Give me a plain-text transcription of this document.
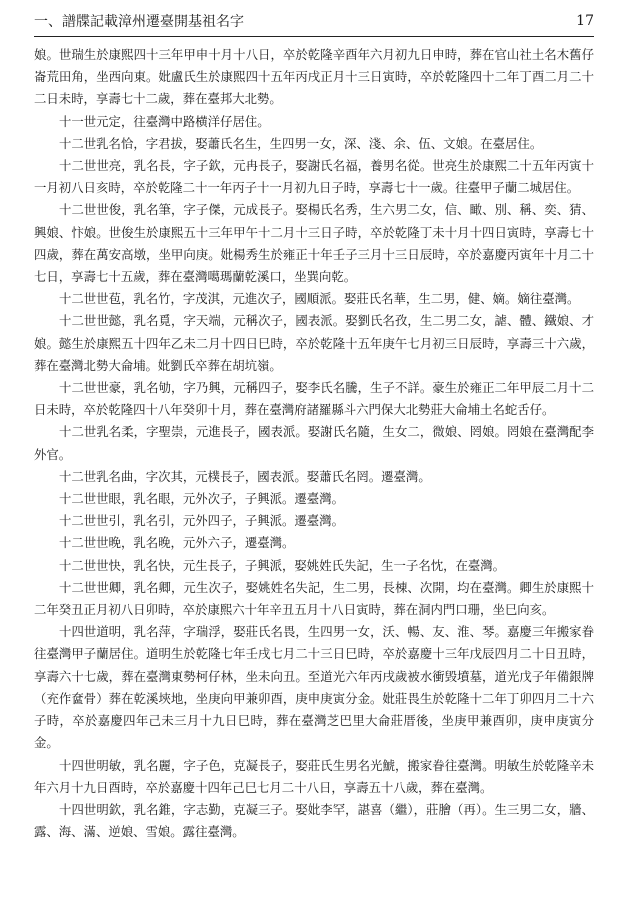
一、譜牒記載漳州遷臺開基祖名字	17

娘。世瑞生於康熙四十三年甲申十月十八日，卒於乾隆辛酉年六月初九日申時，葬在官山社土名木舊仔崙荒田角，坐西向東。妣盧氏生於康熙四十五年丙戌正月十三日寅時，卒於乾隆四十二年丁酉二月二十二日未時，享壽七十二歲，葬在臺邦大北勢。

十一世元定，往臺灣中路横洋仔居住。

十二世乳名恰，字君拔，娶蕭氏名生，生四男一女，深、淺、余、伍、文娘。在臺居住。

十二世世亮，乳名長，字子欽，元冉長子，娶謝氏名福，養男名從。世亮生於康熙二十五年丙寅十一月初八日亥時，卒於乾隆二十一年丙子十一月初九日子時，享壽七十一歲。往臺甲子蘭二城居住。

十二世世俊，乳名筆，字子傑，元成長子。娶楊氏名秀，生六男二女，信、瞰、別、稱、奕、猜、興娘、忭娘。世俊生於康熙五十三年甲午十二月十三日子時，卒於乾隆丁未十月十四日寅時，享壽七十四歲，葬在萬安高墩，坐甲向庚。妣楊秀生於雍正十年壬子三月十三日辰時，卒於嘉慶丙寅年十月二十七日，享壽七十五歲，葬在臺灣噶瑪蘭乾溪口，坐巽向乾。

十二世世苞，乳名竹，字茂淇，元進次子，國順派。娶莊氏名華，生二男，健、嫡。嫡往臺灣。

十二世世懿，乳名覓，字天端，元稱次子，國表派。娶劉氏名孜，生二男二女，謔、體、鐵娘、才娘。懿生於康熙五十四年乙未二月十四日巳時，卒於乾隆十五年庚午七月初三日辰時，享壽三十六歲，葬在臺灣北勢大侖埔。妣劉氏卒葬在胡坑嶺。

十二世世豪，乳名劬，字乃興，元稱四子，娶李氏名騰，生子不詳。豪生於雍正二年甲辰二月十二日未時，卒於乾隆四十八年癸卯十月，葬在臺灣府諸羅縣斗六門保大北勢莊大侖埔土名蛇舌仔。

十二世乳名柔，字聖崇，元進長子，國表派。娶謝氏名隨，生女二，微娘、罔娘。罔娘在臺灣配李外官。

十二世乳名曲，字次其，元樸長子，國表派。娶蕭氏名罔。遷臺灣。

十二世世眼，乳名眼，元外次子，子興派。遷臺灣。

十二世世引，乳名引，元外四子，子興派。遷臺灣。

十二世世晚，乳名晚，元外六子，遷臺灣。

十二世世快，乳名快，元生長子，子興派，娶姚姓氏失記，生一子名忱，在臺灣。

十二世世卿，乳名卿，元生次子，娶姚姓名失記，生二男，長棟、次開，均在臺灣。卿生於康熙十二年癸丑正月初八日卯時，卒於康熙六十年辛丑五月十八日寅時，葬在洞内門口珊，坐巳向亥。

十四世道明，乳名萍，字瑞浮，娶莊氏名畏，生四男一女，沃、暢、友、淮、琴。嘉慶三年搬家眷往臺灣甲子蘭居住。道明生於乾隆七年壬戌七月二十三日巳時，卒於嘉慶十三年戊辰四月二十日丑時，享壽六十七歲，葬在臺灣東勢柯仔林，坐未向丑。至道光六年丙戌歲被水衝毁墳墓，道光戊子年備銀牌（充作奩骨）葬在乾溪埉地，坐庚向甲兼卯酉，庚申庚寅分金。妣莊畏生於乾隆十二年丁卯四月二十六子時，卒於嘉慶四年己未三月十九日巳時，葬在臺灣芝巴里大侖莊厝後，坐庚甲兼酉卯，庚申庚寅分金。

十四世明敏，乳名麗，字子色，克凝長子，娶莊氏生男名光鯱，搬家眷往臺灣。明敏生於乾隆辛未年六月十九日酉時，卒於嘉慶十四年己巳七月二十八日，享壽五十八歲，葬在臺灣。

十四世明欽，乳名錐，字志勤，克凝三子。娶妣李罕，諶喜（繼），莊膾（再）。生三男二女，牆、露、海、滿、逆娘、雪娘。露往臺灣。
